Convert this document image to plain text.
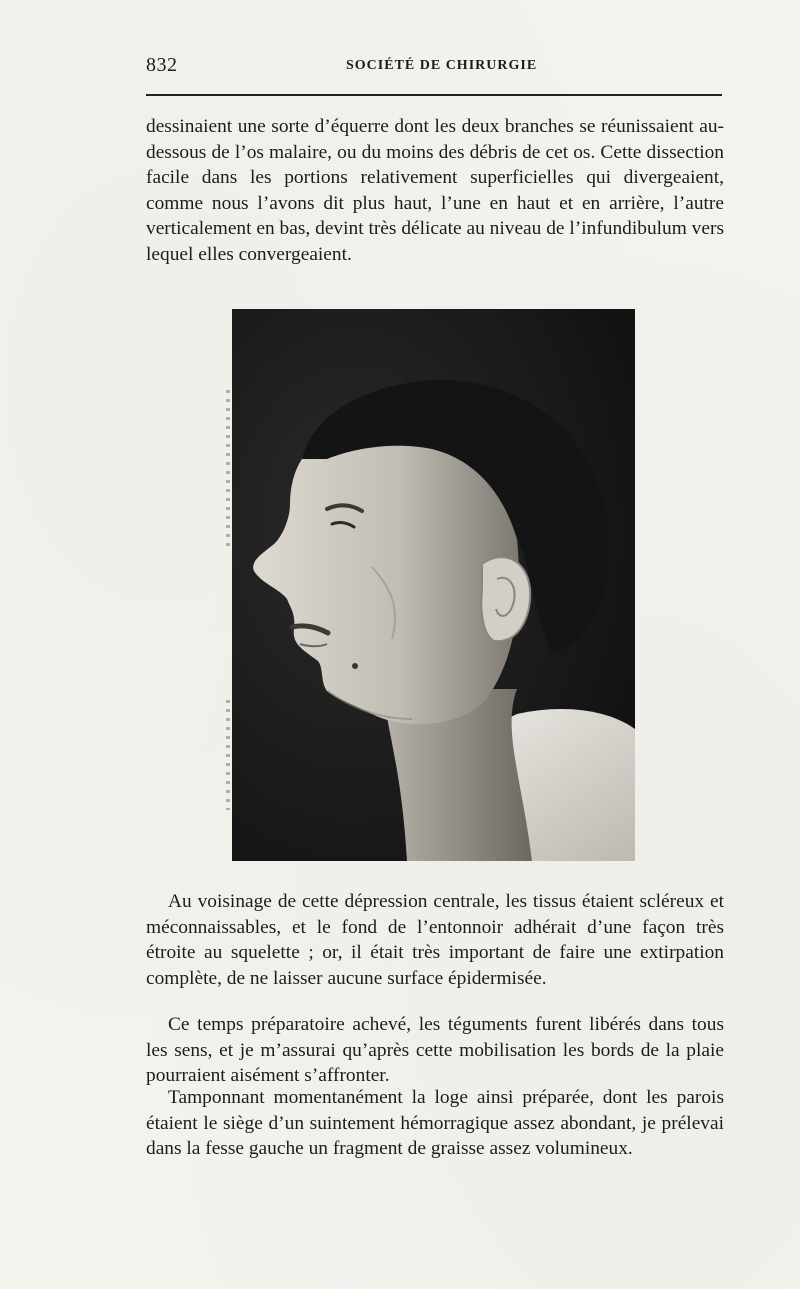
832	SOCIÉTÉ DE CHIRURGIE

dessinaient une sorte d’équerre dont les deux branches se réunissaient au-dessous de l’os malaire, ou du moins des débris de cet os. Cette dissection facile dans les portions relativement superficielles qui divergeaient, comme nous l’avons dit plus haut, l’une en haut et en arrière, l’autre verticalement en bas, devint très délicate au niveau de l’infundibulum vers lequel elles convergeaient.

Au voisinage de cette dépression centrale, les tissus étaient scléreux et méconnaissables, et le fond de l’entonnoir adhérait d’une façon très étroite au squelette ; or, il était très important de faire une extirpation complète, de ne laisser aucune surface épidermisée.

Ce temps préparatoire achevé, les téguments furent libérés dans tous les sens, et je m’assurai qu’après cette mobilisation les bords de la plaie pourraient aisément s’affronter.

Tamponnant momentanément la loge ainsi préparée, dont les parois étaient le siège d’un suintement hémorragique assez abondant, je prélevai dans la fesse gauche un fragment de graisse assez volumineux.
